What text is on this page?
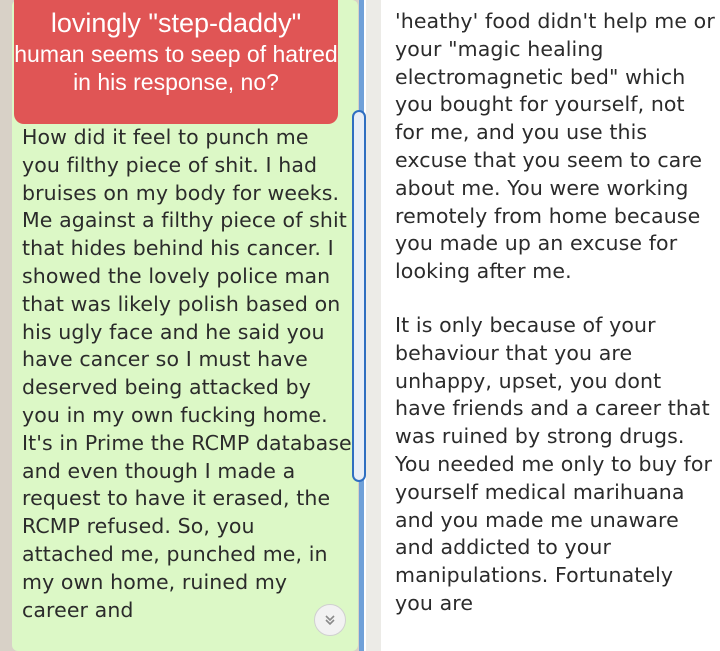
How did it feel to punch me you filthy piece of shit. I had bruises on my body for weeks. Me against a filthy piece of shit that hides behind his cancer. I showed the lovely police man that was likely polish based on his ugly face and he said you have cancer so I must have deserved being attacked by you in my own fucking home. It's in Prime the RCMP database and even though I made a request to have it erased, the RCMP refused. So, you attached me, punched me, in my own home, ruined my career and

'heathy' food didn't help me or your "magic healing electromagnetic bed" which you bought for yourself, not for me, and you use this excuse that you seem to care about me. You were working remotely from home because you made up an excuse for looking after me.
It is only because of your behaviour that you are unhappy, upset, you dont have friends and a career that was ruined by strong drugs. You needed me only to buy for yourself medical marihuana and you made me unaware and addicted to your manipulations. Fortunately you are
lovingly "step-daddy"
human seems to seep of hatred in his response, no?
